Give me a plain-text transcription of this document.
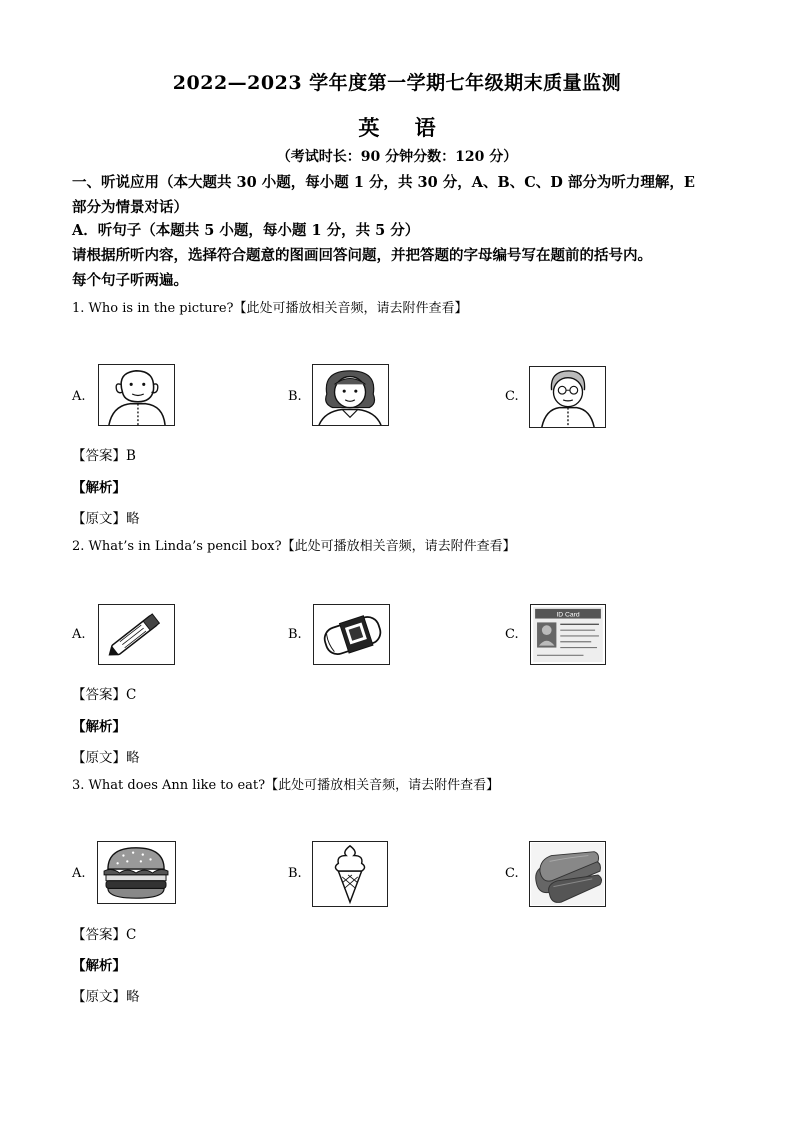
2022—2023 学年度第一学期七年级期末质量监测
英 语
（考试时长：90 分钟分数：120 分）
一、听说应用（本大题共 30 小题，每小题 1 分，共 30 分，A、B、C、D 部分为听力理解，E
部分为情景对话）
A．听句子（本题共 5 小题，每小题 1 分，共 5 分）
请根据所听内容，选择符合题意的图画回答问题，并把答题的字母编号写在题前的括号内。
每个句子听两遍。
1. Who is in the picture?【此处可播放相关音频，请去附件查看】
A.	B.	C.
【答案】B
【解析】
【原文】略
2. What’s in Linda’s pencil box?【此处可播放相关音频，请去附件查看】
A.	B.	C.
ID Card
【答案】C
【解析】
【原文】略
3. What does Ann like to eat?【此处可播放相关音频，请去附件查看】
A.	B.	C.
【答案】C
【解析】
【原文】略
